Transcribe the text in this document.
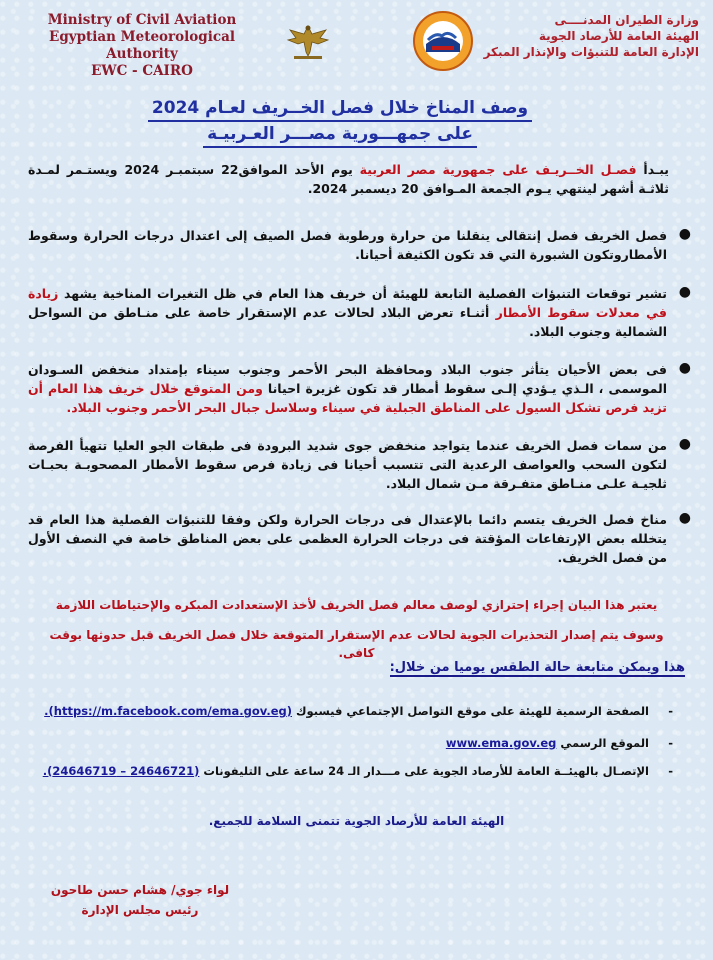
Ministry of Civil Aviation
Egyptian Meteorological Authority
EWC - CAIRO
وزارة الطيران المدنــــى
الهيئة العامة للأرصاد الجوية
الإدارة العامة للتنبؤات والإنذار المبكر
وصف المناخ خلال فصل الخــريف لعـام 2024
على جمهـــورية مصـــر العـربيـة
يبـدأ فصـل الخــريـف على جمهورية مصر العربية يوم الأحد الموافق22 سبتمبـر 2024 ويستـمر لمـدة ثلاثـة أشهر لينتهي يـوم الجمعة المـوافق 20 ديسمبر 2024.
●
فصل الخريف فصل إنتقالى ينقلنا من حرارة ورطوبة فصل الصيف إلى اعتدال درجات الحرارة وسقوط الأمطاروتكون الشبورة التي قد تكون الكثيفة أحيانا.
●
تشير توقعات التنبؤات الفصلية التابعة للهيئة أن خريف هذا العام في ظل التغيرات المناخية يشهد زيادة في معدلات سقوط الأمطار أثنـاء تعرض البلاد لحالات عدم الإستقرار خاصة على منـاطق من السواحل الشمالية وجنوب البلاد.
●
فى بعض الأحيان يتأثر جنوب البلاد ومحافظة البحر الأحمر وجنوب سيناء بإمتداد منخفض السـودان الموسمى ، الـذي يـؤدي إلـى سقوط أمطار قد تكون غزيرة احيانا ومن المتوقع خلال خريف هذا العام أن تزيد فرص تشكل السيول على المناطق الجبلية في سيناء وسلاسل جبال البحر الأحمر وجنوب البلاد.
●
من سمات فصل الخريف عندما يتواجد منخفض جوى شديد البرودة فى طبقات الجو العليا تتهيأ الفرصة لتكون السحب والعواصف الرعدية التى تتسبب أحيانا فى زيادة فرص سقوط الأمطار المصحوبـة بحبـات ثلجيـة علـى منـاطق متفـرقة مـن شمال البلاد.
●
مناخ فصل الخريف يتسم دائما بالإعتدال فى درجات الحرارة ولكن وفقا للتنبؤات الفصلية هذا العام قد يتخلله بعض الإرتفاعات المؤقتة فى درجات الحرارة العظمى على بعض المناطق خاصة في النصف الأول من فصل الخريف.
يعتبر هذا البيان إجراء إحترازي لوصف معالم فصل الخريف لأخذ الإستعدادت المبكره والإحتياطات اللازمة
وسوف يتم إصدار التحذيرات الجوية لحالات عدم الإستقرار المتوقعة خلال فصل الخريف قبل حدوثها بوقت كافى.
هذا ويمكن متابعة حالة الطقس يوميا من خلال:
-الصفحة الرسمية للهيئة على موقع التواصل الإجتماعي فيسبوك (https://m.facebook.com/ema.gov.eg).
-الموقع الرسمي www.ema.gov.eg
-الإتصـال بالهيئــة العامة للأرصاد الجوية على مـــدار الـ 24 ساعة على التليفونات (24646721 – 24646719).
الهيئة العامة للأرصاد الجوية تتمنى السلامة للجميع.
لواء جوي/ هشام حسن طاحون
رئيس مجلس الإدارة
